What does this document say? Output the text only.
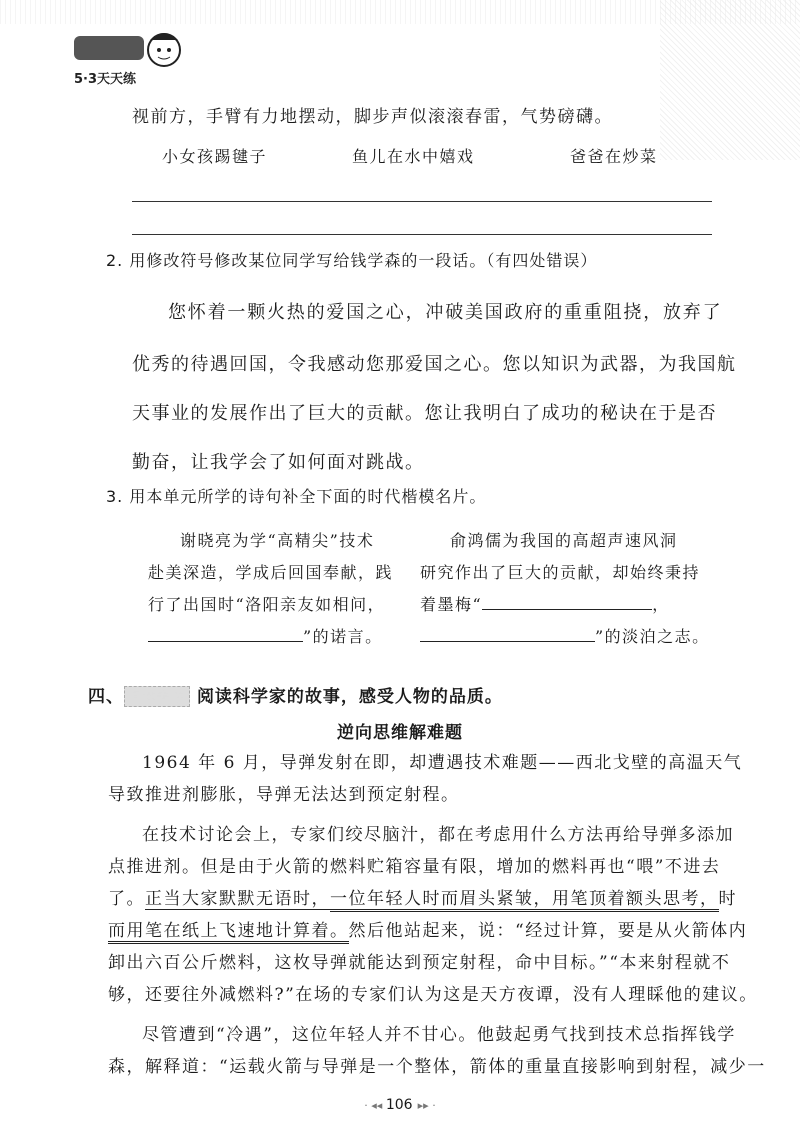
5·3天天练
视前方，手臂有力地摆动，脚步声似滚滚春雷，气势磅礴。
小女孩踢毽子	鱼儿在水中嬉戏	爸爸在炒菜
2. 用修改符号修改某位同学写给钱学森的一段话。（有四处错误）
您怀着一颗火热的爱国之心，冲破美国政府的重重阻挠，放弃了
优秀的待遇回国，令我感动您那爱国之心。您以知识为武器，为我国航
天事业的发展作出了巨大的贡献。您让我明白了成功的秘诀在于是否
勤奋，让我学会了如何面对跳战。
3. 用本单元所学的诗句补全下面的时代楷模名片。
谢晓亮为学“高精尖”技术
赴美深造，学成后回国奉献，践
行了出国时“洛阳亲友如相问，
”的诺言。
俞鸿儒为我国的高超声速风洞
研究作出了巨大的贡献，却始终秉持
着墨梅“	，
”的淡泊之志。
四、 阅读专练 阅读科学家的故事，感受人物的品质。
逆向思维解难题
1964 年 6 月，导弹发射在即，却遭遇技术难题——西北戈壁的高温天气
导致推进剂膨胀，导弹无法达到预定射程。
在技术讨论会上，专家们绞尽脑汁，都在考虑用什么方法再给导弹多添加
点推进剂。但是由于火箭的燃料贮箱容量有限，增加的燃料再也“喂”不进去
了。正当大家默默无语时，一位年轻人时而眉头紧皱，用笔顶着额头思考，时
而用笔在纸上飞速地计算着。然后他站起来，说：“经过计算，要是从火箭体内
卸出六百公斤燃料，这枚导弹就能达到预定射程，命中目标。”“本来射程就不
够，还要往外减燃料?”在场的专家们认为这是天方夜谭，没有人理睬他的建议。
尽管遭到“冷遇”，这位年轻人并不甘心。他鼓起勇气找到技术总指挥钱学
森，解释道：“运载火箭与导弹是一个整体，箭体的重量直接影响到射程，减少一
· ◂◂ 106 ▸▸ ·
